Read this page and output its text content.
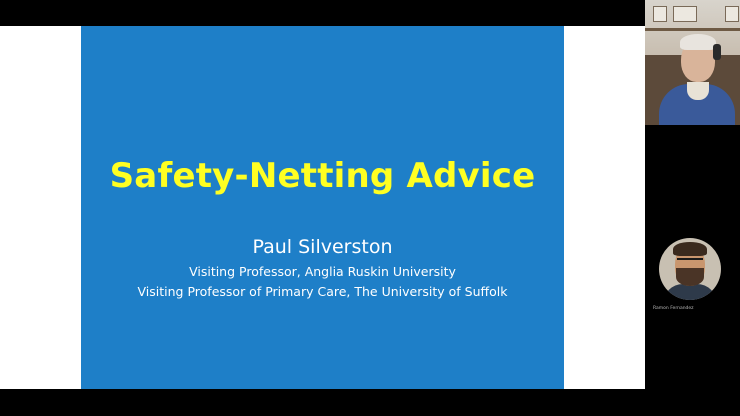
Safety-Netting Advice
Paul Silverston
Visiting Professor, Anglia Ruskin University
Visiting Professor of Primary Care, The University of Suffolk
Ramon Fernandez
